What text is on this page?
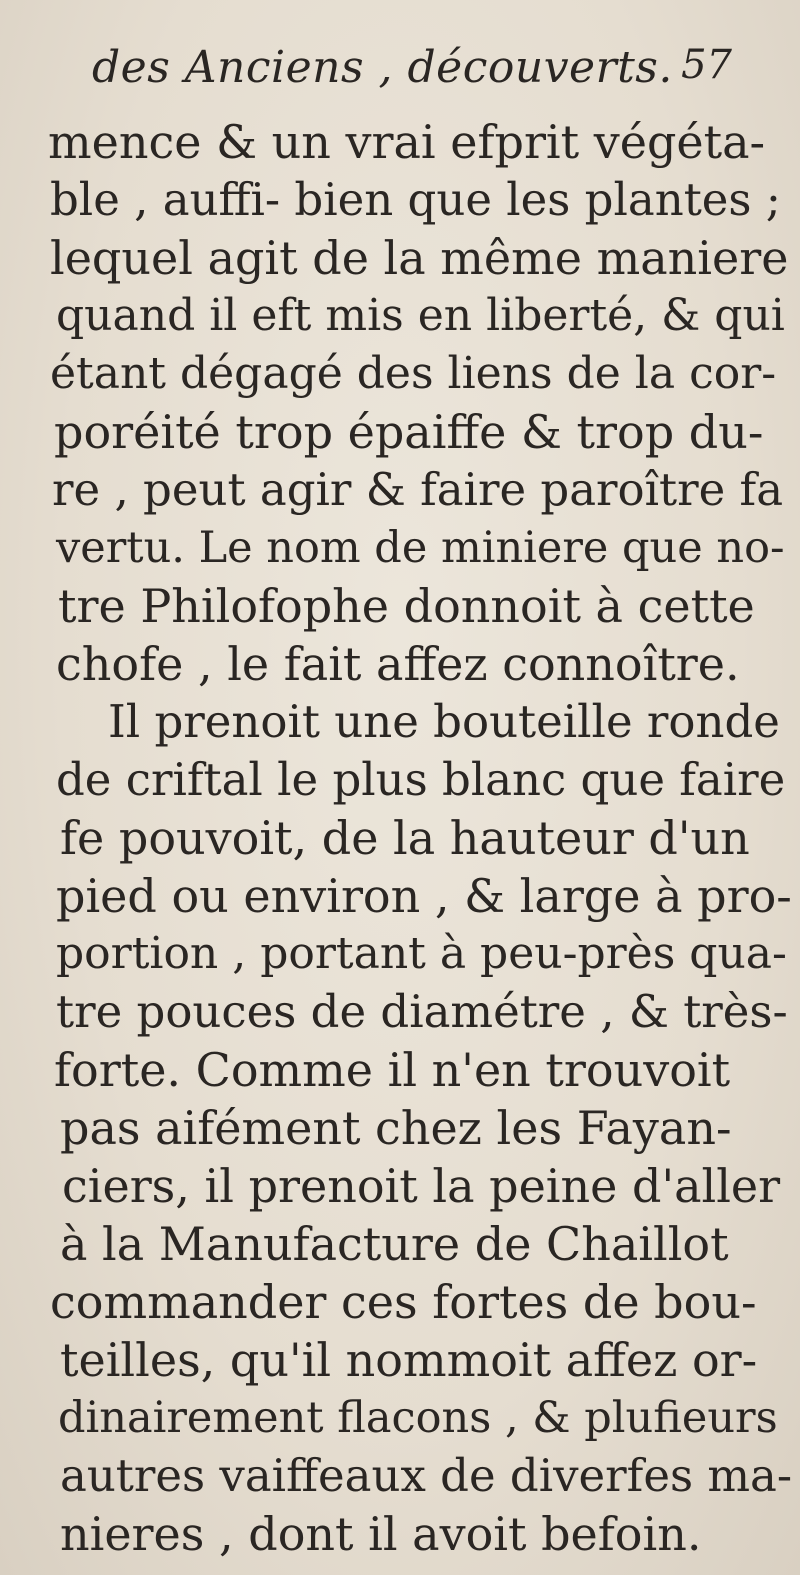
des Anciens , découverts. 57
mence & un vrai efprit végéta-
ble , auffi- bien que les plantes ;
lequel agit de la même maniere
quand il eft mis en liberté, & qui
étant dégagé des liens de la cor-
poréité trop épaiffe & trop du-
re , peut agir & faire paroître fa
vertu. Le nom de miniere que no-
tre Philofophe donnoit à cette
chofe , le fait affez connoître.
Il prenoit une bouteille ronde
de criftal le plus blanc que faire
fe pouvoit, de la hauteur d'un
pied ou environ , & large à pro-
portion , portant à peu-près qua-
tre pouces de diamétre , & très-
forte. Comme il n'en trouvoit
pas aifément chez les Fayan-
ciers, il prenoit la peine d'aller
à la Manufacture de Chaillot
commander ces fortes de bou-
teilles, qu'il nommoit affez or-
dinairement flacons , & plufieurs
autres vaiffeaux de diverfes ma-
nieres , dont il avoit befoin.
